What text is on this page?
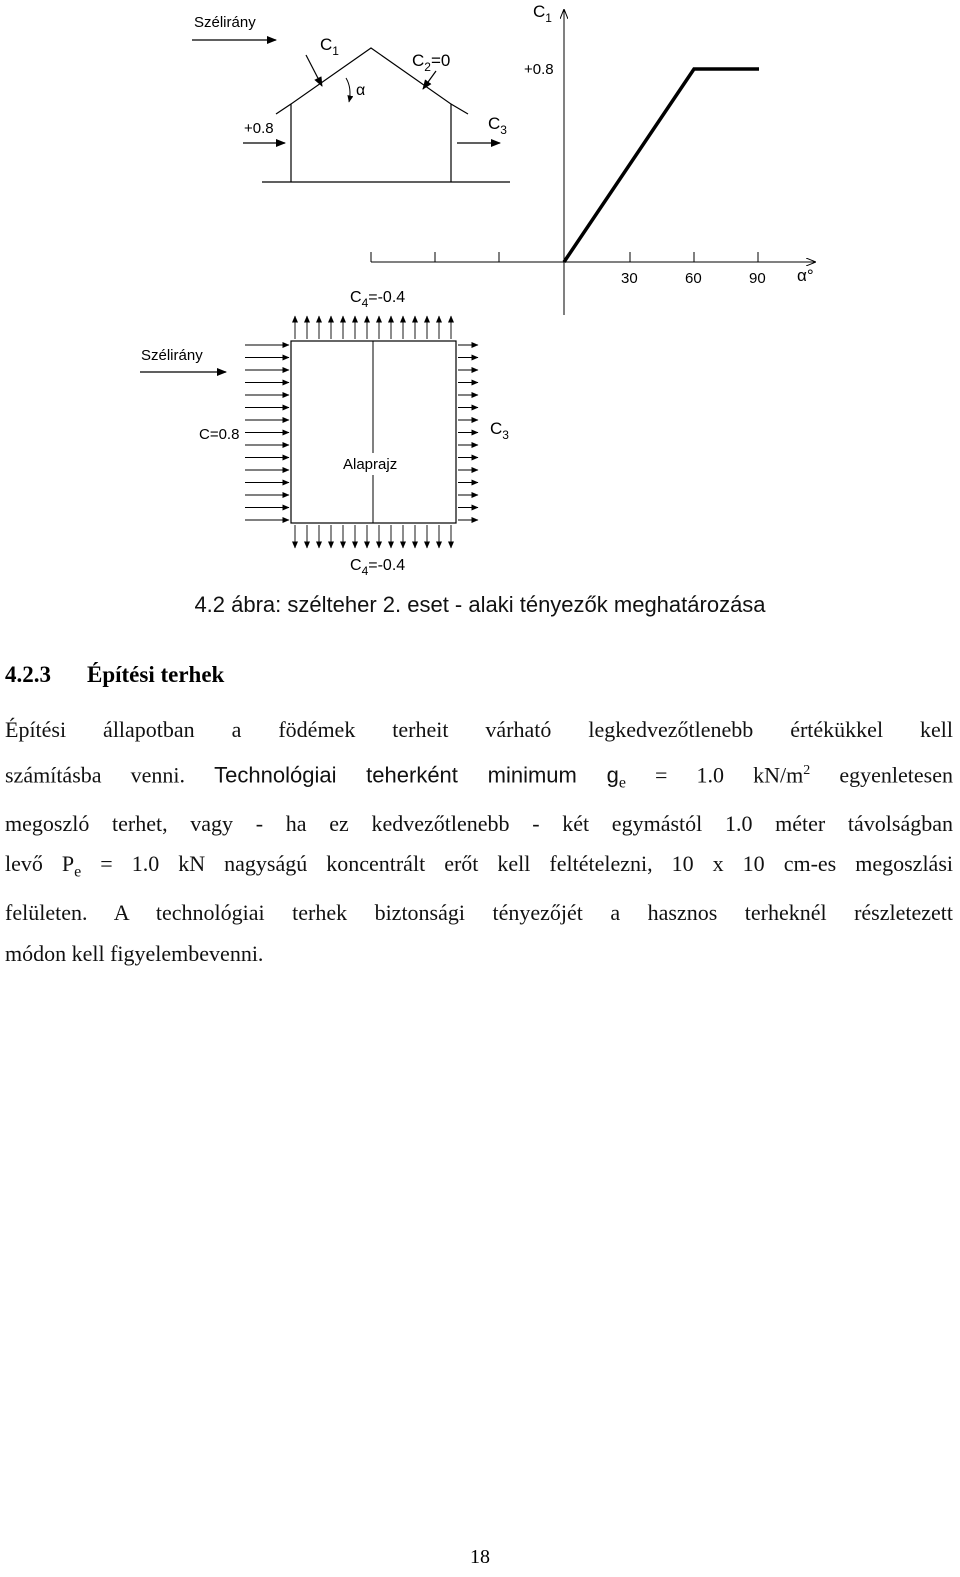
Szélirány
$C_1$
α
$C_2=0$
+0.8	$C_3$
$C_1$
+0.8
30	60	90 α°
$C_4=-0.4$
Szélirány
C=0.8	$C_3$
Alaprajz
$C_4=-0.4$
4.2 ábra: szélteher 2. eset - alaki tényezők meghatározása
4.2.3 Építési terhek
Építési állapotban a födémek terheit várható legkedvezőtlenebb értékükkel kell
számításba venni. Technológiai teherként minimum $g_e = 1.0$ $kN/m^2$ egyenletesen
megoszló terhet, vagy - ha ez kedvezőtlenebb - két egymástól 1.0 méter távolságban
levő $P_e = 1.0$ kN nagyságú koncentrált erőt kell feltételezni, 10 x 10 cm-es megoszlási
felületen. A technológiai terhek biztonsági tényezőjét a hasznos terheknél részletezett
módon kell figyelembevenni.
18
